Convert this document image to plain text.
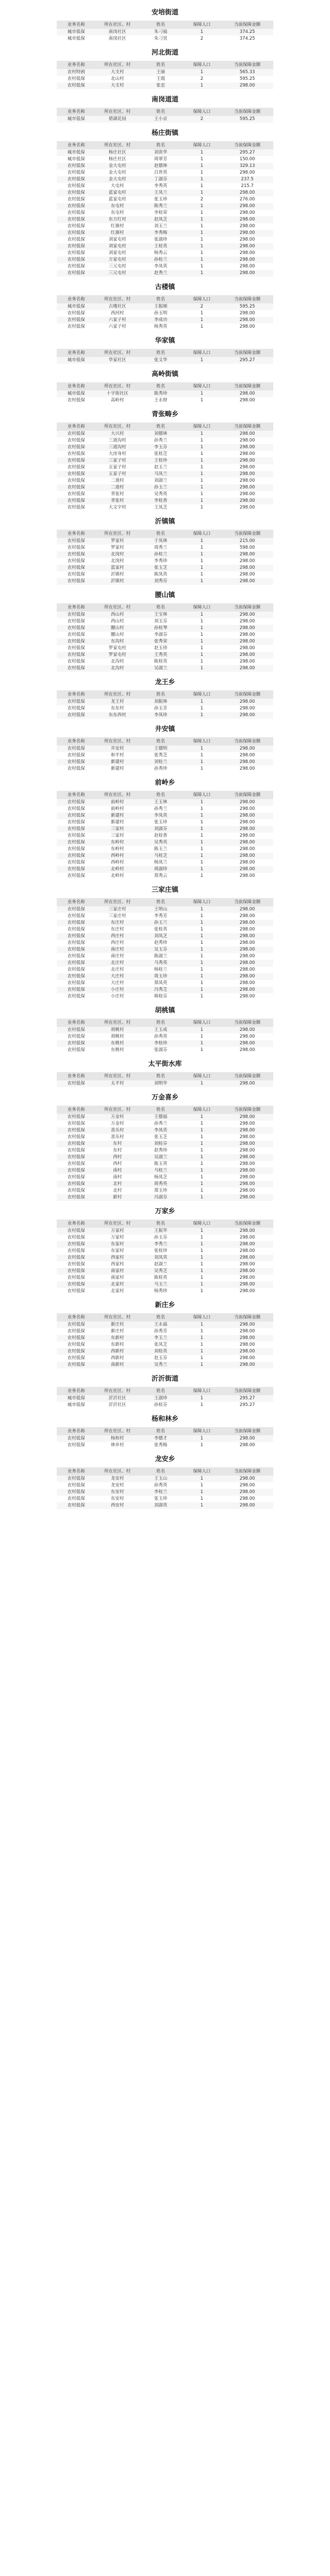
安培街道
业务名称	所在社区、村	姓名	保障人口	当前保障金额
城市低保	南岗社区	朱刁福	1	374.25
城市低保	南岗社区	朱刁昊	2	374.25
河北街道
业务名称	所在社区、村	姓名	保障人口	当前保障金额
农村特困	大支村	王丽	1	565.33
农村低保	北山村	王霞	2	595.25
农村低保	大支村	张忠	1	298.00
南岗道道
业务名称	所在社区、村	姓名	保障人口	当前保障金额
城市低保	碧湖花园	王小京	2	595.25
杨庄街镇
业务名称	所在社区、村	姓名	保障人口	当前保障金额
城市低保	杨庄社区	刘贵华	1	295.27
城市低保	杨庄社区	周翠芳	1	150.00
农村低保	金大屯村	赵德林	1	329.13
农村低保	金大屯村	吕世英	1	298.00
农村低保	金大屯村	丁淑芬	1	237.5
农村低保	大屯村	李秀英	1	215.7
农村低保	蓝家屯村	王凤兰	1	298.00
农村低保	蓝家屯村	张玉珍	2	276.00
农村低保	东屯村	陈秀兰	1	298.00
农村低保	东屯村	李桂荣	1	298.00
农村低保	东方红村	赵凤芝	1	298.00
农村低保	红旗村	刘玉兰	1	298.00
农村低保	红旗村	李秀梅	1	298.00
农村低保	刘家屯村	张淑珍	1	298.00
农村低保	刘家屯村	王桂英	1	298.00
农村低保	刘家屯村	杨秀云	1	298.00
农村低保	方家屯村	孙桂兰	1	298.00
农村低保	三元屯村	李凤英	1	298.00
农村低保	三元屯村	赵秀兰	1	298.00
古楼镇
业务名称	所在社区、村	姓名	保障人口	当前保障金额
城市低保	古楼社区	王振刚	2	595.25
农村低保	西河村	孙玉明	1	298.00
农村低保	六家子村	李成功	1	298.00
农村低保	六家子村	杨秀英	1	298.00
华家镇
业务名称	所在社区、村	姓名	保障人口	当前保障金额
城市低保	华家社区	张文华	1	295.27
高岭街镇
业务名称	所在社区、村	姓名	保障人口	当前保障金额
城市低保	十字街社区	陈秀珍	1	298.00
农村低保	高岭村	王永财	1	298.00
青张畴乡
业务名称	所在社区、村	姓名	保障人口	当前保障金额
农村低保	大兴村	刘德林	1	298.00
农村低保	三道沟村	孙秀兰	1	298.00
农村低保	三道沟村	李玉芬	1	298.00
农村低保	大房身村	张桂芝	1	298.00
农村低保	三家子村	王桂珍	1	298.00
农村低保	五家子村	赵玉兰	1	298.00
农村低保	五家子村	马凤兰	1	298.00
农村低保	二道村	刘淑兰	1	298.00
农村低保	二道村	孙玉兰	1	298.00
农村低保	青张村	吴秀英	1	298.00
农村低保	青张村	李桂香	1	298.00
农村低保	大文字村	王凤芝	1	298.00
沂镇镇
业务名称	所在社区、村	姓名	保障人口	当前保障金额
农村低保	罗家村	于凤林	1	215.00
农村低保	罗家村	周秀兰	1	598.00
农村低保	北岗村	孙桂兰	1	298.00
农村低保	北岗村	李秀珍	1	298.00
农村低保	蓝家村	张玉芝	1	298.00
农村低保	沂镇村	陈凤英	1	298.00
农村低保	沂镇村	刘秀芬	1	298.00
腰山镇
业务名称	所在社区、村	姓名	保障人口	当前保障金额
农村低保	西山村	王宝林	1	298.00
农村低保	西山村	刘玉芬	1	298.00
农村低保	腰山村	孙桂琴	1	298.00
农村低保	腰山村	李淑芬	1	298.00
农村低保	东沟村	张秀荣	1	298.00
农村低保	罗家屯村	赵玉珍	1	298.00
农村低保	罗家屯村	王秀英	1	298.00
农村低保	北沟村	陈桂英	1	298.00
农村低保	北沟村	吴淑兰	1	298.00
龙王乡
业务名称	所在社区、村	姓名	保障人口	当前保障金额
农村低保	龙王村	刘振林	1	298.00
农村低保	东东村	孙玉芳	1	298.00
农村低保	东东西村	李凤珍	1	298.00
井安镇
业务名称	所在社区、村	姓名	保障人口	当前保障金额
农村低保	井安村	王德明	1	298.00
农村低保	和平村	张秀芝	1	298.00
农村低保	新建村	刘桂兰	1	298.00
农村低保	新建村	孙秀珍	1	298.00
前岭乡
业务名称	所在社区、村	姓名	保障人口	当前保障金额
农村低保	前岭村	王玉林	1	298.00
农村低保	前岭村	孙秀兰	1	298.00
农村低保	新建村	李凤英	1	298.00
农村低保	新建村	张玉珍	1	298.00
农村低保	三家村	刘淑芬	1	298.00
农村低保	三家村	赵桂香	1	298.00
农村低保	东岭村	吴秀英	1	298.00
农村低保	东岭村	陈玉兰	1	298.00
农村低保	西岭村	马桂芝	1	298.00
农村低保	西岭村	杨凤兰	1	298.00
农村低保	北岭村	周淑珍	1	298.00
农村低保	北岭村	郑秀云	1	298.00
三家庄镇
业务名称	所在社区、村	姓名	保障人口	当前保障金额
农村低保	三家庄村	王明山	1	298.00
农村低保	三家庄村	李秀芳	1	298.00
农村低保	东庄村	孙玉兰	1	298.00
农村低保	东庄村	张桂英	1	298.00
农村低保	西庄村	刘凤芝	1	298.00
农村低保	西庄村	赵秀珍	1	298.00
农村低保	南庄村	吴玉芬	1	298.00
农村低保	南庄村	陈淑兰	1	298.00
农村低保	北庄村	马秀英	1	298.00
农村低保	北庄村	杨桂兰	1	298.00
农村低保	大庄村	周玉珍	1	298.00
农村低保	大庄村	郑凤英	1	298.00
农村低保	小庄村	冯秀芝	1	298.00
农村低保	小庄村	韩桂芬	1	298.00
胡桃镇
业务名称	所在社区、村	姓名	保障人口	当前保障金额
农村低保	胡桃村	王玉成	1	298.00
农村低保	胡桃村	孙秀英	1	298.00
农村低保	东桃村	李桂珍	1	298.00
农村低保	东桃村	张淑芬	1	298.00
太平街水库
业务名称	所在社区、村	姓名	保障人口	当前保障金额
农村低保	太平村	刘明华	1	298.00
万金喜乡
业务名称	所在社区、村	姓名	保障人口	当前保障金额
农村低保	万金村	王德福	1	298.00
农村低保	万金村	孙秀兰	1	298.00
农村低保	喜乐村	李凤英	1	298.00
农村低保	喜乐村	张玉芝	1	298.00
农村低保	东村	刘桂芬	1	298.00
农村低保	东村	赵秀珍	1	298.00
农村低保	西村	吴淑兰	1	298.00
农村低保	西村	陈玉英	1	298.00
农村低保	南村	马桂兰	1	298.00
农村低保	南村	杨凤芝	1	298.00
农村低保	北村	周秀英	1	298.00
农村低保	北村	郑玉珍	1	298.00
农村低保	新村	冯淑芬	1	298.00
万家乡
业务名称	所在社区、村	姓名	保障人口	当前保障金额
农村低保	万家村	王振华	1	298.00
农村低保	万家村	孙玉芬	1	298.00
农村低保	东家村	李秀兰	1	298.00
农村低保	东家村	张桂珍	1	298.00
农村低保	西家村	刘凤英	1	298.00
农村低保	西家村	赵淑兰	1	298.00
农村低保	南家村	吴秀芝	1	298.00
农村低保	南家村	陈桂英	1	298.00
农村低保	北家村	马玉兰	1	298.00
农村低保	北家村	杨秀珍	1	298.00
新庄乡
业务名称	所在社区、村	姓名	保障人口	当前保障金额
农村低保	新庄村	王永福	1	298.00
农村低保	新庄村	孙秀芳	1	298.00
农村低保	东新村	李玉兰	1	298.00
农村低保	东新村	张凤芝	1	298.00
农村低保	西新村	刘桂英	1	298.00
农村低保	西新村	赵玉芬	1	298.00
农村低保	南新村	吴秀兰	1	298.00
沂沂街道
业务名称	所在社区、村	姓名	保障人口	当前保障金额
城市低保	沂沂社区	王淑珍	1	295.27
城市低保	沂沂社区	孙桂芬	1	295.27
杨和林乡
业务名称	所在社区、村	姓名	保障人口	当前保障金额
农村低保	杨和村	李德才	1	298.00
农村低保	林乡村	张秀梅	1	298.00
龙安乡
业务名称	所在社区、村	姓名	保障人口	当前保障金额
农村低保	龙安村	王玉山	1	298.00
农村低保	龙安村	孙秀英	1	298.00
农村低保	东安村	李桂兰	1	298.00
农村低保	东安村	张玉珍	1	298.00
农村低保	西安村	刘淑英	1	298.00
